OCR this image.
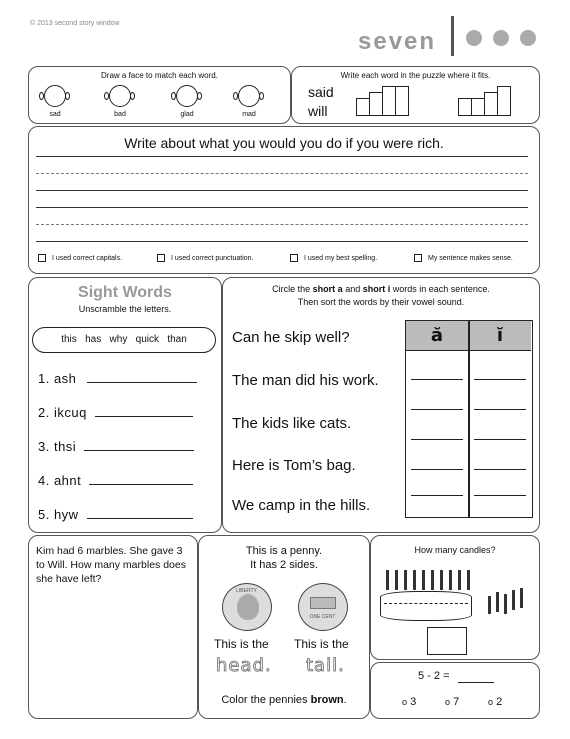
© 2013 second story window
seven
Draw a face to match each word.
sad	bad	glad	mad
Write each word in the puzzle where it fits.
said
will
Write about what you would you do if you were rich.
I used correct capitals.	I used correct punctuation.	I used my best spelling.	My sentence makes sense.
Sight Words
Unscramble the letters.
this   has   why   quick   than
1. ash
2. ikcuq
3. thsi
4. ahnt
5. hyw
Circle the short a and short i words in each sentence.
Then sort the words by their vowel sound.
Can he skip well?
The man did his work.
The kids like cats.
Here is Tom’s bag.
We camp in the hills.
ă	ĭ
Kim had 6 marbles. She gave 3 to Will. How many marbles does she have left?
This is a penny.
It has 2 sides.
LIBERTY
ONE CENT
This is the This is the
head. tail.
Color the pennies brown.
How many candles?
5 - 2 =
o 3	o 7	o 2
